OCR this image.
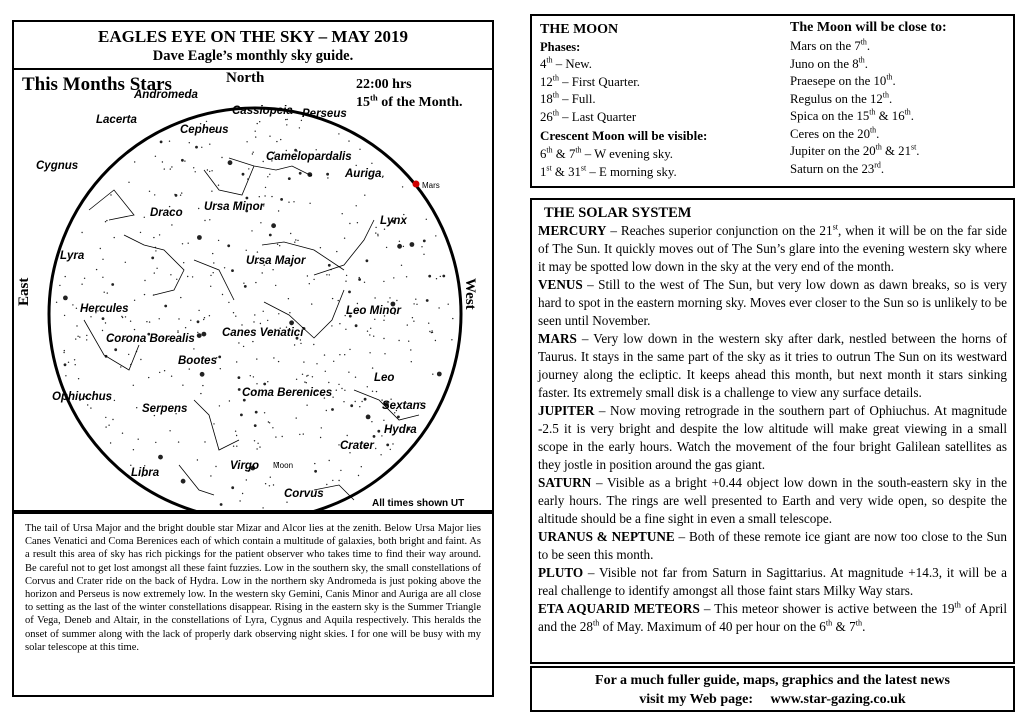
EAGLES EYE ON THE SKY – MAY 2019
Dave Eagle’s monthly sky guide.
This Months Stars	22:00 hrs
15th of the Month.
North
East	West
Andromeda
Lacerta
Cassiopeia Perseus
Cepheus
Cygnus
Camelopardalis
Auriga
Mars
Draco Ursa Minor
Lynx
Lyra	Ursa Major
Hercules	Leo Minor
Corona Borealis Canes Venatici
Bootes
Ophiuchus
Leo
Coma Berenices
Sextans
Serpens
Hydra
Crater
Virgo Moon
Libra
Corvus
All times shown UT
The tail of Ursa Major and the bright double star Mizar and Alcor lies at the zenith. Below Ursa Major lies Canes Venatici and Coma Berenices each of which contain a multitude of galaxies, both bright and faint. As a result this area of sky has rich pickings for the patient observer who takes time to find their way around. Be careful not to get lost amongst all these faint fuzzies. Low in the southern sky, the small constellations of Corvus and Crater ride on the back of Hydra. Low in the northern sky Andromeda is just poking above the horizon and Perseus is now extremely low. In the western sky Gemini, Canis Minor and Auriga are all close to setting as the last of the winter constellations disappear. Rising in the eastern sky is the Summer Triangle of Vega, Deneb and Altair, in the constellations of Lyra, Cygnus and Aquila respectively. This heralds the onset of summer along with the lack of properly dark observing night skies. I for one will be busy with my solar telescope at this time.
THE MOON
Phases:
4th – New.
12th – First Quarter.
18th – Full.
26th – Last Quarter
Crescent Moon will be visible:
6th & 7th – W evening sky.
1st & 31st – E morning sky.
The Moon will be close to:
Mars on the 7th.
Juno on the 8th.
Praesepe on the 10th.
Regulus on the 12th.
Spica on the 15th & 16th.
Ceres on the 20th.
Jupiter on the 20th & 21st.
Saturn on the 23rd.
THE SOLAR SYSTEM

MERCURY – Reaches superior conjunction on the 21st, when it will be on the far side of The Sun. It quickly moves out of The Sun’s glare into the evening western sky where it may be spotted low down in the sky at the very end of the month.

VENUS – Still to the west of The Sun, but very low down as dawn breaks, so is very hard to spot in the eastern morning sky. Moves ever closer to the Sun so is unlikely to be seen until November.

MARS – Very low down in the western sky after dark, nestled between the horns of Taurus. It stays in the same part of the sky as it tries to outrun The Sun on its westward journey along the ecliptic. It keeps ahead this month, but next month it stars sinking faster. Its extremely small disk is a challenge to view any surface details.

JUPITER – Now moving retrograde in the southern part of Ophiuchus. At magnitude -2.5 it is very bright and despite the low altitude will make great viewing in a small scope in the early hours. Watch the movement of the four bright Galilean satellites as they jostle in position around the gas giant.

SATURN – Visible as a bright +0.44 object low down in the south-eastern sky in the early hours. The rings are well presented to Earth and very wide open, so despite the altitude should be a fine sight in even a small telescope.

URANUS & NEPTUNE – Both of these remote ice giant are now too close to the Sun to be seen this month.

PLUTO – Visible not far from Saturn in Sagittarius. At magnitude +14.3, it will be a real challenge to identify amongst all those faint stars Milky Way stars.

ETA AQUARID METEORS – This meteor shower is active between the 19th of April and the 28th of May. Maximum of 40 per hour on the 6th & 7th.

For a much fuller guide, maps, graphics and the latest news
visit my Web page: www.star-gazing.co.uk
